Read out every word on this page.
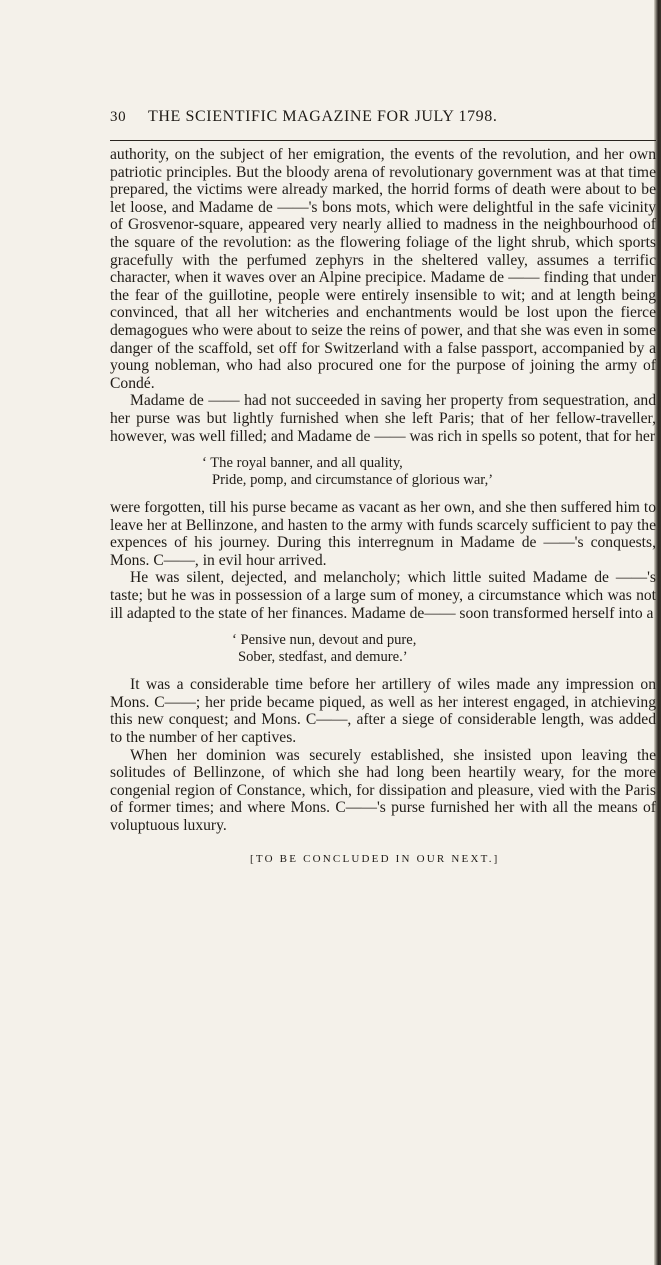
30	THE SCIENTIFIC MAGAZINE FOR JULY 1798.

authority, on the subject of her emigration, the events of the revolution, and her own patriotic principles. But the bloody arena of revolutionary government was at that time prepared, the victims were already marked, the horrid forms of death were about to be let loose, and Madame de ——'s bons mots, which were delightful in the safe vicinity of Grosvenor-square, appeared very nearly allied to madness in the neighbourhood of the square of the revolution: as the flowering foliage of the light shrub, which sports gracefully with the perfumed zephyrs in the sheltered valley, assumes a terrific character, when it waves over an Alpine precipice. Madame de —— finding that under the fear of the guillotine, people were entirely insensible to wit; and at length being convinced, that all her witcheries and enchantments would be lost upon the fierce demagogues who were about to seize the reins of power, and that she was even in some danger of the scaffold, set off for Switzerland with a false passport, accompanied by a young nobleman, who had also procured one for the purpose of joining the army of Condé.

Madame de —— had not succeeded in saving her property from sequestration, and her purse was but lightly furnished when she left Paris; that of her fellow-traveller, however, was well filled; and Madame de —— was rich in spells so potent, that for her

‘ The royal banner, and all quality,
Pride, pomp, and circumstance of glorious war,’

were forgotten, till his purse became as vacant as her own, and she then suffered him to leave her at Bellinzone, and hasten to the army with funds scarcely sufficient to pay the expences of his journey. During this interregnum in Madame de ——'s conquests, Mons. C——, in evil hour arrived.

He was silent, dejected, and melancholy; which little suited Madame de ——'s taste; but he was in possession of a large sum of money, a circumstance which was not ill adapted to the state of her finances. Madame de—— soon transformed herself into a

‘ Pensive nun, devout and pure,
Sober, stedfast, and demure.’

It was a considerable time before her artillery of wiles made any impression on Mons. C——; her pride became piqued, as well as her interest engaged, in atchieving this new conquest; and Mons. C——, after a siege of considerable length, was added to the number of her captives.

When her dominion was securely established, she insisted upon leaving the solitudes of Bellinzone, of which she had long been heartily weary, for the more congenial region of Constance, which, for dissipation and pleasure, vied with the Paris of former times; and where Mons. C——'s purse furnished her with all the means of voluptuous luxury.

[TO BE CONCLUDED IN OUR NEXT.]
